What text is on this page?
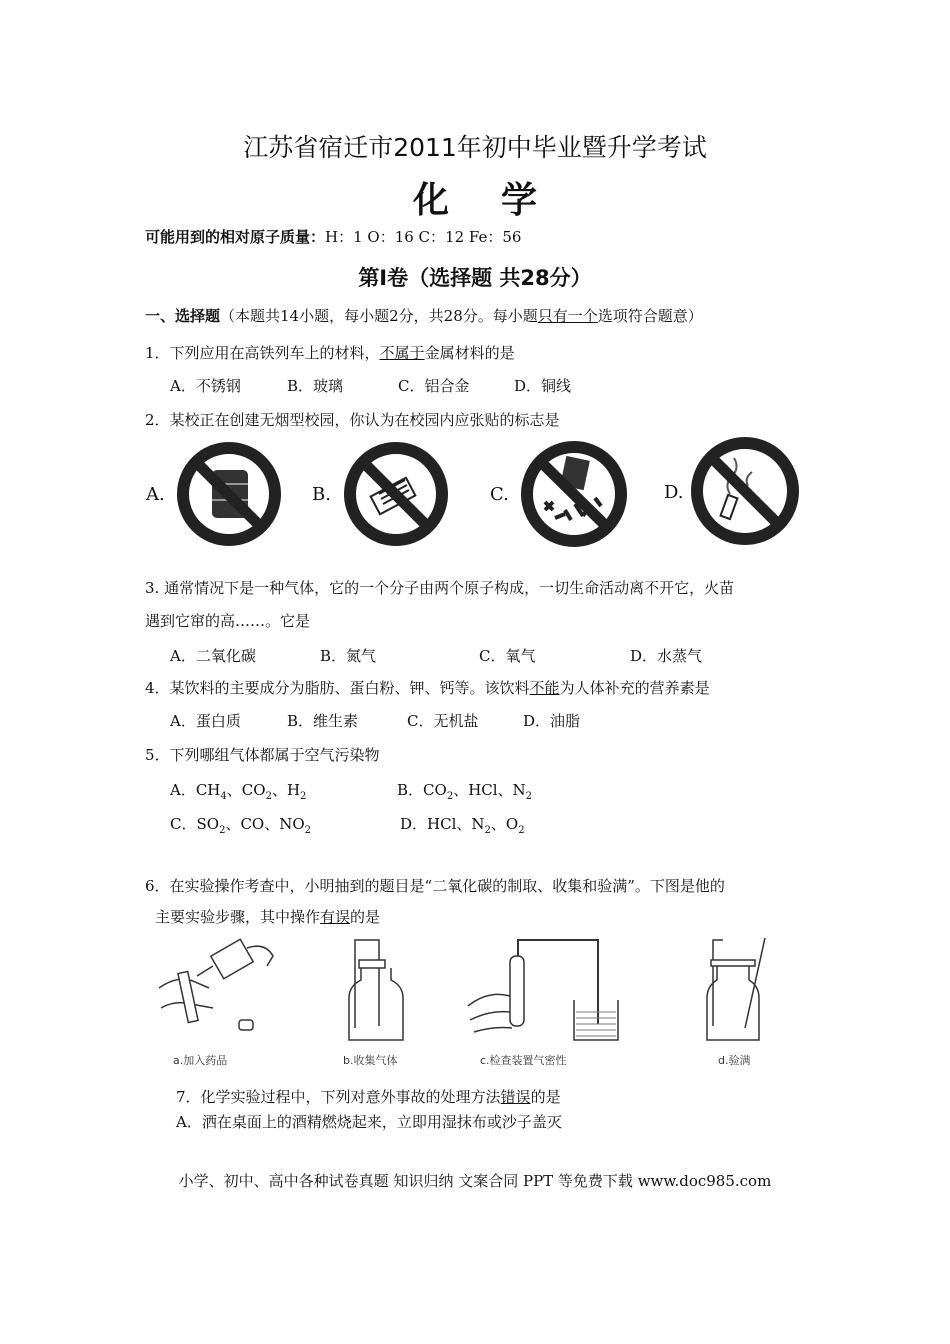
江苏省宿迁市2011年初中毕业暨升学考试
化学
可能用到的相对原子质量：H：1 O：16 C：12 Fe：56
第Ⅰ卷（选择题 共28分）
一、选择题（本题共14小题，每小题2分，共28分。每小题只有一个选项符合题意）
1．下列应用在高铁列车上的材料，不属于金属材料的是
A．不锈钢	B．玻璃	C．铝合金	D．铜线
2．某校正在创建无烟型校园，你认为在校园内应张贴的标志是
A.	B.	C.	D.
3. 通常情况下是一种气体，它的一个分子由两个原子构成，一切生命活动离不开它，火苗
遇到它窜的高……。它是
A．二氧化碳	B．氮气	C．氧气	D．水蒸气
4．某饮料的主要成分为脂肪、蛋白粉、钾、钙等。该饮料不能为人体补充的营养素是
A．蛋白质	B．维生素	C．无机盐	D．油脂
5．下列哪组气体都属于空气污染物
A．$CH_4$、$CO_2$、$H_2$	B．$CO_2$、HCl、$N_2$
C．$SO_2$、CO、$NO_2$	D．HCl、$N_2$、$O_2$
6．在实验操作考查中，小明抽到的题目是“二氧化碳的制取、收集和验满”。下图是他的
主要实验步骤，其中操作有误的是
a.加入药品	b.收集气体	c.检查装置气密性	d.验满
7．化学实验过程中，下列对意外事故的处理方法错误的是
A．洒在桌面上的酒精燃烧起来，立即用湿抹布或沙子盖灭
小学、初中、高中各种试卷真题 知识归纳 文案合同 PPT 等免费下载 www.doc985.com
